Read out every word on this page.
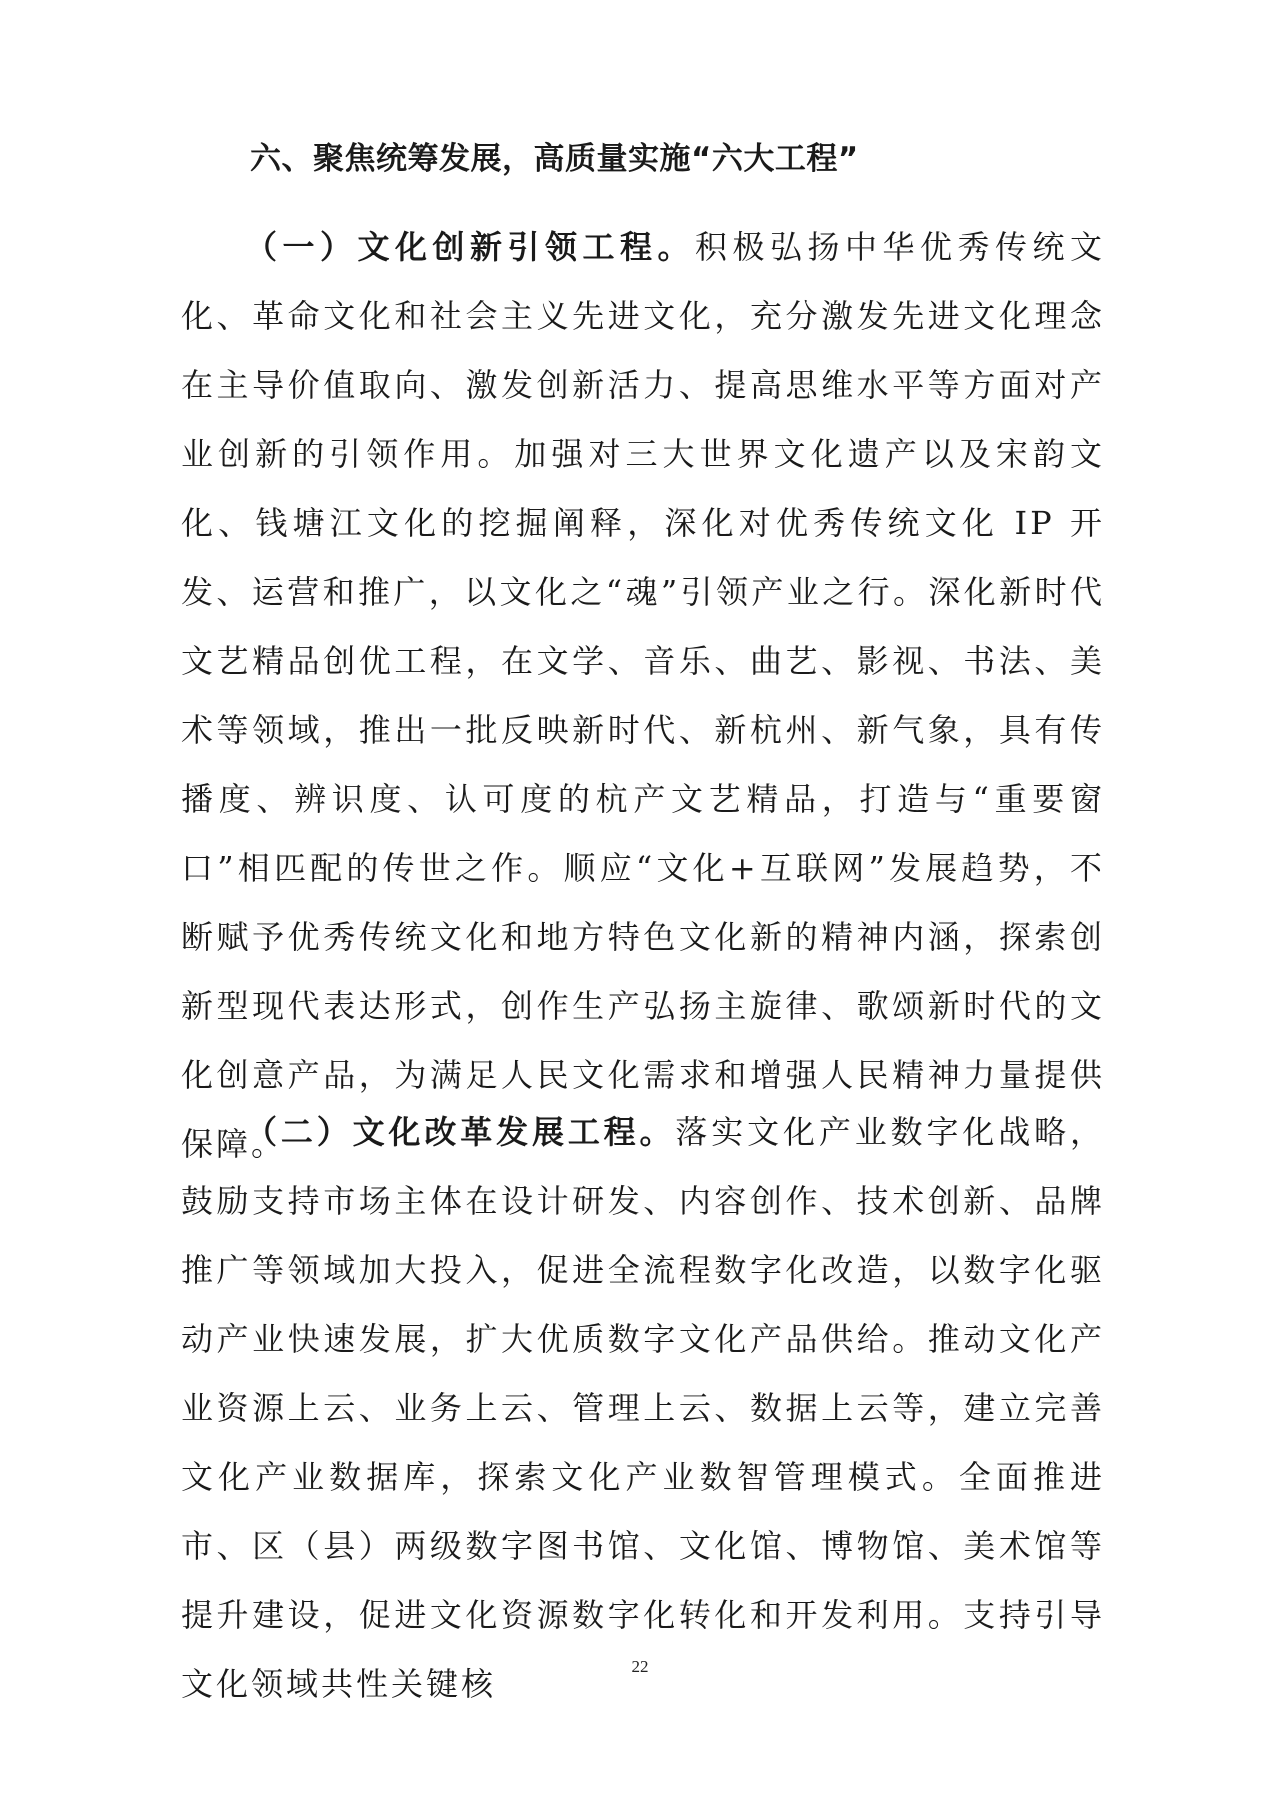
六、聚焦统筹发展，高质量实施“六大工程”

（一）文化创新引领工程。积极弘扬中华优秀传统文化、革命文化和社会主义先进文化，充分激发先进文化理念在主导价值取向、激发创新活力、提高思维水平等方面对产业创新的引领作用。加强对三大世界文化遗产以及宋韵文化、钱塘江文化的挖掘阐释，深化对优秀传统文化 IP 开发、运营和推广，以文化之“魂”引领产业之行。深化新时代文艺精品创优工程，在文学、音乐、曲艺、影视、书法、美术等领域，推出一批反映新时代、新杭州、新气象，具有传播度、辨识度、认可度的杭产文艺精品，打造与“重要窗口”相匹配的传世之作。顺应“文化+互联网”发展趋势，不断赋予优秀传统文化和地方特色文化新的精神内涵，探索创新型现代表达形式，创作生产弘扬主旋律、歌颂新时代的文化创意产品，为满足人民文化需求和增强人民精神力量提供保障。

（二）文化改革发展工程。落实文化产业数字化战略，鼓励支持市场主体在设计研发、内容创作、技术创新、品牌推广等领域加大投入，促进全流程数字化改造，以数字化驱动产业快速发展，扩大优质数字文化产品供给。推动文化产业资源上云、业务上云、管理上云、数据上云等，建立完善文化产业数据库，探索文化产业数智管理模式。全面推进市、区（县）两级数字图书馆、文化馆、博物馆、美术馆等提升建设，促进文化资源数字化转化和开发利用。支持引导文化领域共性关键核	22
